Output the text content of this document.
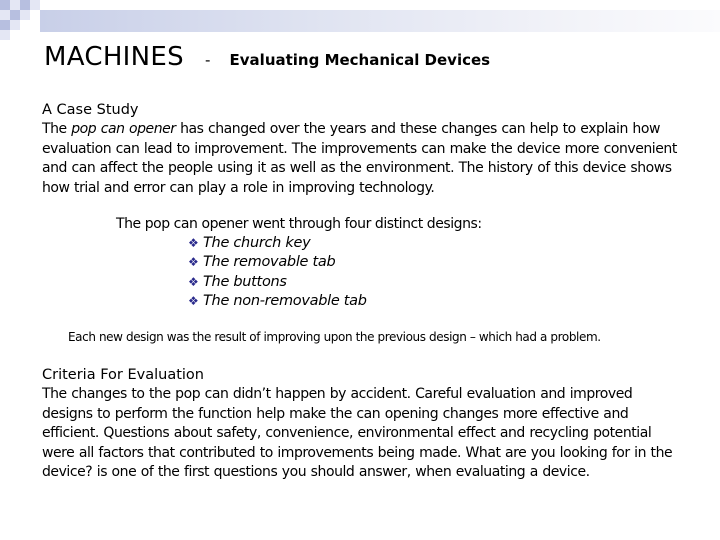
MACHINES - Evaluating Mechanical Devices
A Case Study
The pop can opener has changed over the years and these changes can help to explain how evaluation can lead to improvement. The improvements can make the device more convenient and can affect the people using it as well as the environment. The history of this device shows how trial and error can play a role in improving technology.
The pop can opener went through four distinct designs:
❖ The church key
❖ The removable tab
❖ The buttons
❖ The non-removable tab
Each new design was the result of improving upon the previous design – which had a problem.
Criteria For Evaluation
The changes to the pop can didn’t happen by accident. Careful evaluation and improved designs to perform the function help make the can opening changes more effective and efficient. Questions about safety, convenience, environmental effect and recycling potential were all factors that contributed to improvements being made. What are you looking for in the device? is one of the first questions you should answer, when evaluating a device.
